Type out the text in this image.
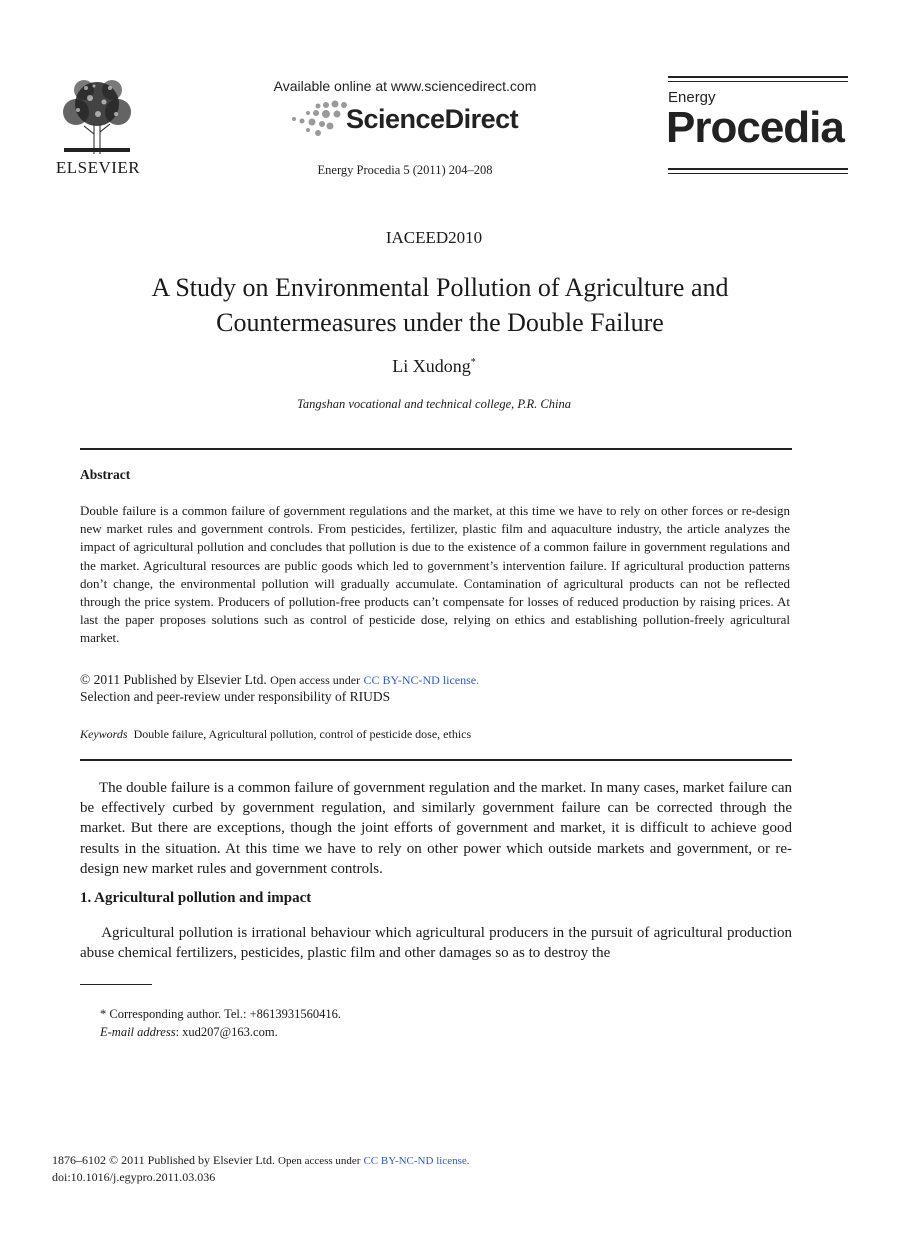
ELSEVIER
Available online at www.sciencedirect.com
ScienceDirect
Energy Procedia 5 (2011) 204–208
Energy
Procedia
IACEED2010
A Study on Environmental Pollution of Agriculture and Countermeasures under the Double Failure
Li Xudong*
Tangshan vocational and technical college, P.R. China
Abstract
Double failure is a common failure of government regulations and the market, at this time we have to rely on other forces or re-design new market rules and government controls. From pesticides, fertilizer, plastic film and aquaculture industry, the article analyzes the impact of agricultural pollution and concludes that pollution is due to the existence of a common failure in government regulations and the market. Agricultural resources are public goods which led to government’s intervention failure. If agricultural production patterns don’t change, the environmental pollution will gradually accumulate. Contamination of agricultural products can not be reflected through the price system. Producers of pollution-free products can’t compensate for losses of reduced production by raising prices. At last the paper proposes solutions such as control of pesticide dose, relying on ethics and establishing pollution-freely agricultural market.
© 2011 Published by Elsevier Ltd. Open access under CC BY-NC-ND license.
Selection and peer-review under responsibility of RIUDS
Keywords Double failure, Agricultural pollution, control of pesticide dose, ethics
The double failure is a common failure of government regulation and the market. In many cases, market failure can be effectively curbed by government regulation, and similarly government failure can be corrected through the market. But there are exceptions, though the joint efforts of government and market, it is difficult to achieve good results in the situation. At this time we have to rely on other power which outside markets and government, or re-design new market rules and government controls.
1. Agricultural pollution and impact
Agricultural pollution is irrational behaviour which agricultural producers in the pursuit of agricultural production abuse chemical fertilizers, pesticides, plastic film and other damages so as to destroy the
* Corresponding author. Tel.: +8613931560416.
E-mail address: xud207@163.com.
1876–6102 © 2011 Published by Elsevier Ltd. Open access under CC BY-NC-ND license.
doi:10.1016/j.egypro.2011.03.036
